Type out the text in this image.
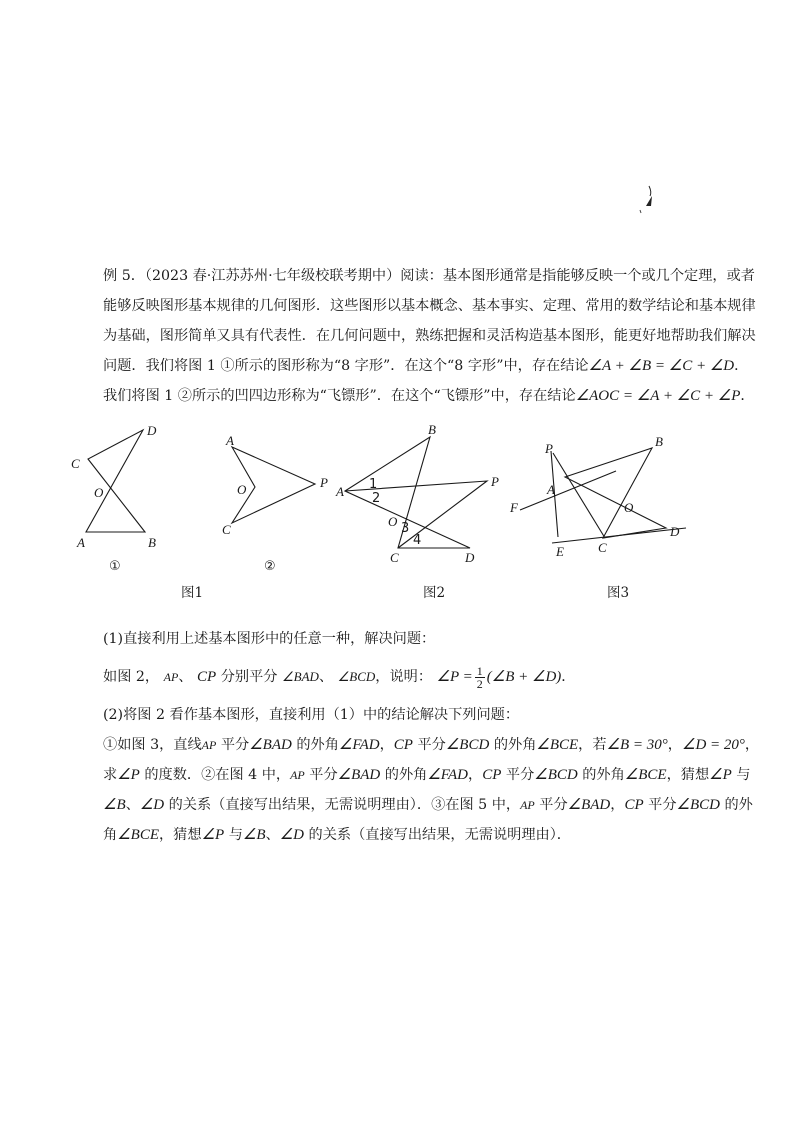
例 5．（2023 春·江苏苏州·七年级校联考期中）阅读：基本图形通常是指能够反映一个或几个定理，或者
能够反映图形基本规律的几何图形．这些图形以基本概念、基本事实、定理、常用的数学结论和基本规律
为基础，图形简单又具有代表性．在几何问题中，熟练把握和灵活构造基本图形，能更好地帮助我们解决
问题．我们将图 1 ①所示的图形称为“8 字形”．在这个“8 字形”中，存在结论∠A + ∠B = ∠C + ∠D．
我们将图 1 ②所示的凹四边形称为“飞镖形”．在这个“飞镖形”中，存在结论∠AOC = ∠A + ∠C + ∠P．
C
D
O
A	B
①
A
O	P
C
②
B
A
P
1
2
O 3
4
C	D
P	B
A
F	O
D
E	C
图1	图2	图3
(1)直接利用上述基本图形中的任意一种，解决问题：
如图 2， AP、 CP 分别平分 ∠BAD、 ∠BCD，说明： ∠P = $\frac{1}{2}$ (∠B + ∠D)．
(2)将图 2 看作基本图形，直接利用（1）中的结论解决下列问题：
①如图 3，直线AP 平分∠BAD 的外角∠FAD，CP 平分∠BCD 的外角∠BCE，若∠B = 30°，∠D = 20°，
求∠P 的度数．②在图 4 中，AP 平分∠BAD 的外角∠FAD，CP 平分∠BCD 的外角∠BCE，猜想∠P 与
∠B、∠D 的关系（直接写出结果，无需说明理由）．③在图 5 中，AP 平分∠BAD，CP 平分∠BCD 的外
角∠BCE，猜想∠P 与∠B、∠D 的关系（直接写出结果，无需说明理由）．
